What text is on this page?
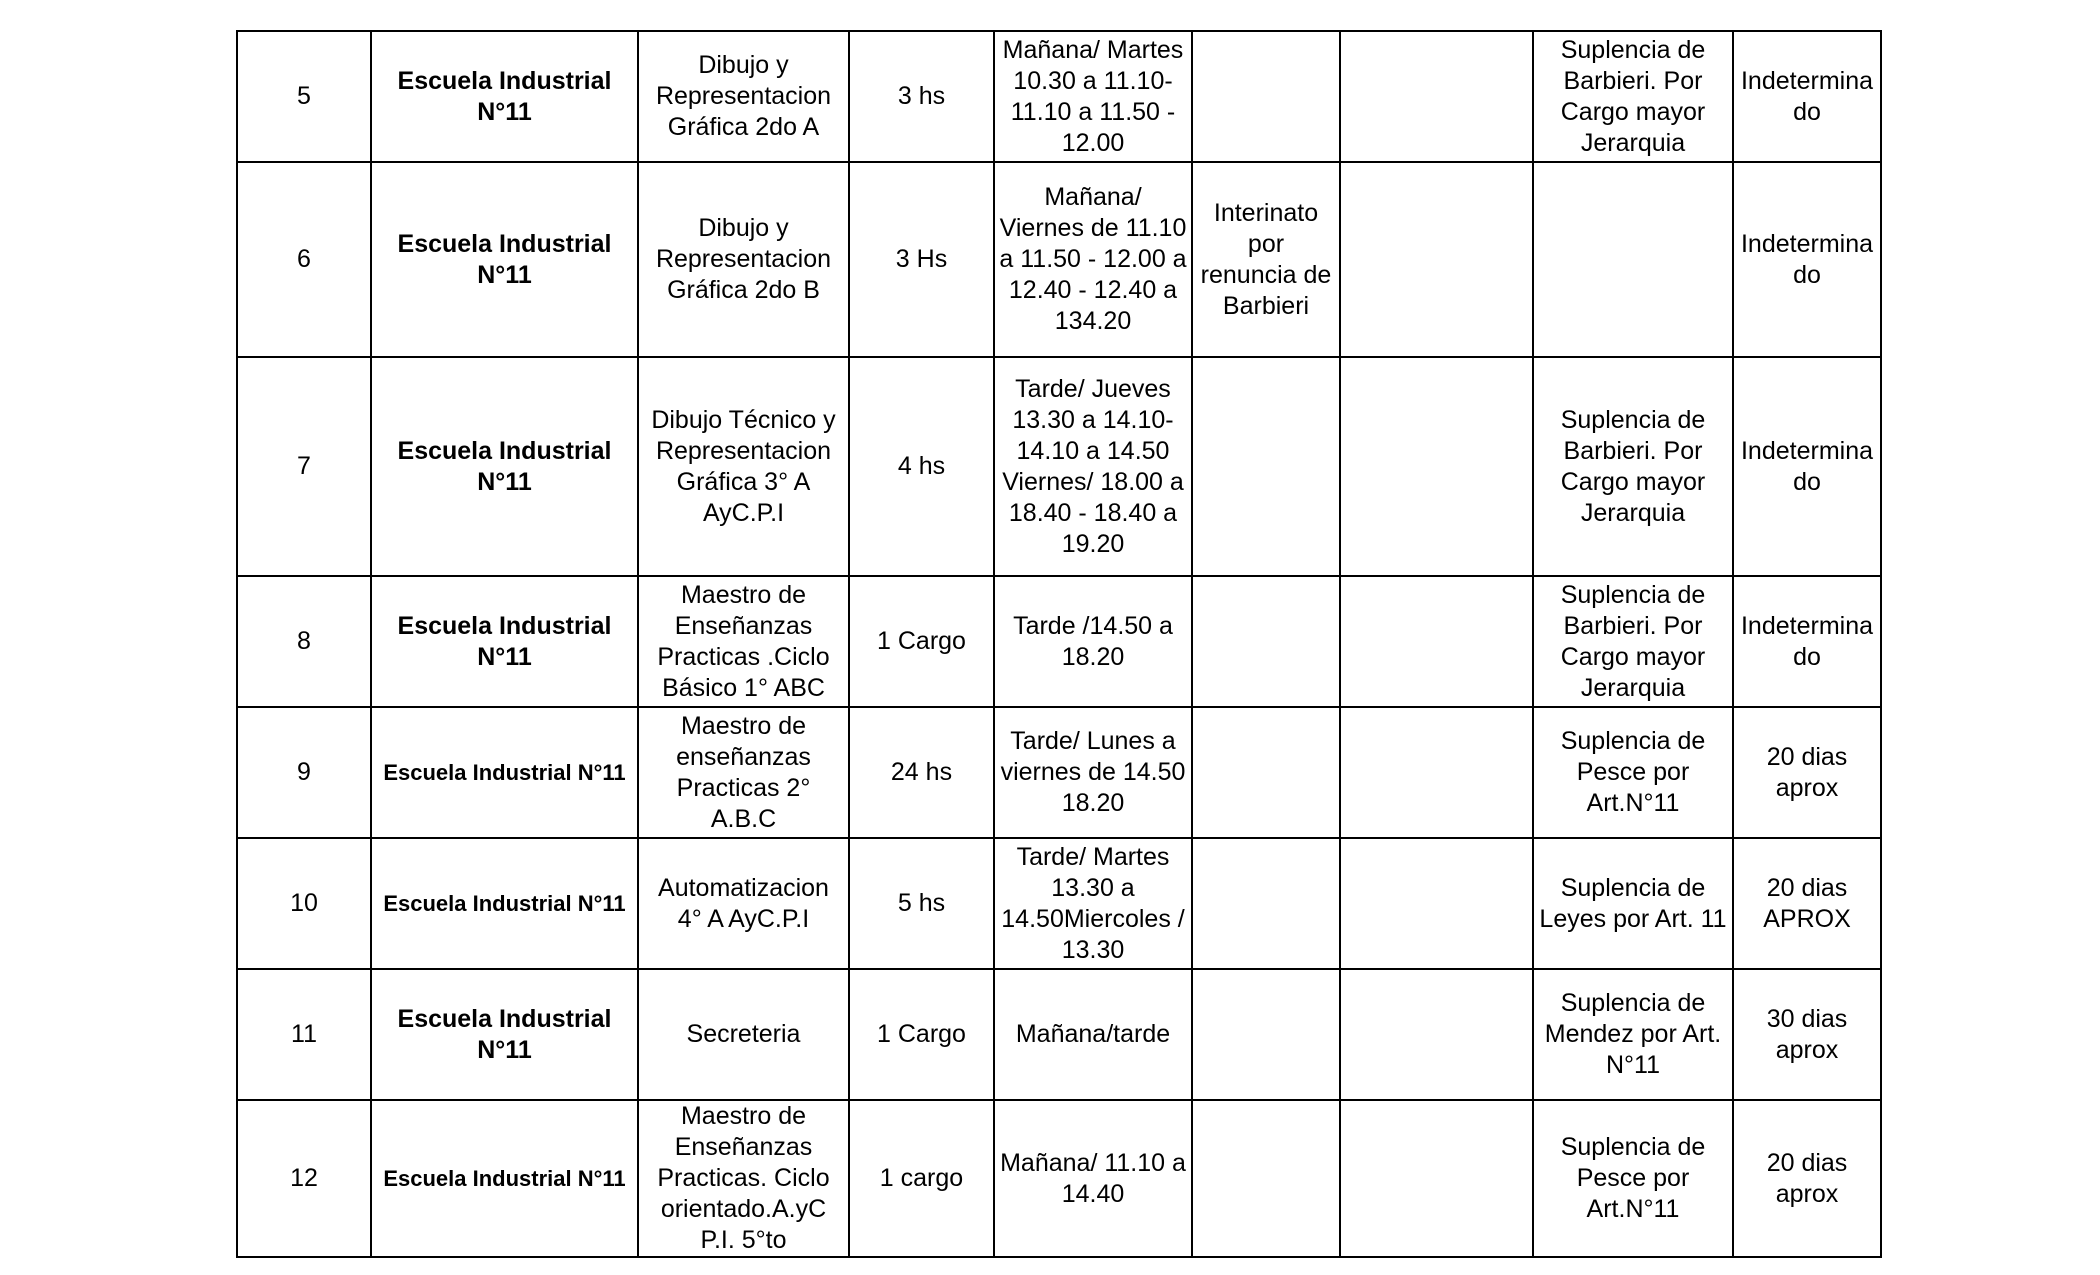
5	Escuela Industrial N°11	Dibujo y Representacion Gráfica 2do A	3 hs	Mañana/ Martes 10.30 a 11.10- 11.10 a 11.50 - 12.00			Suplencia de Barbieri. Por Cargo mayor Jerarquia	Indetermina do
6	Escuela Industrial N°11	Dibujo y Representacion Gráfica 2do B	3 Hs	Mañana/ Viernes de 11.10 a 11.50 - 12.00 a 12.40 - 12.40 a 134.20	Interinato por renuncia de Barbieri			Indetermina do
7	Escuela Industrial N°11	Dibujo Técnico y Representacion Gráfica 3° A AyC.P.I	4 hs	Tarde/ Jueves 13.30 a 14.10- 14.10 a 14.50 Viernes/ 18.00 a 18.40 - 18.40 a 19.20			Suplencia de Barbieri. Por Cargo mayor Jerarquia	Indetermina do
8	Escuela Industrial N°11	Maestro de Enseñanzas Practicas .Ciclo Básico 1° ABC	1 Cargo	Tarde /14.50 a 18.20			Suplencia de Barbieri. Por Cargo mayor Jerarquia	Indetermina do
9	Escuela Industrial N°11	Maestro de enseñanzas Practicas 2° A.B.C	24 hs	Tarde/ Lunes a viernes de 14.50 18.20			Suplencia de Pesce por Art.N°11	20 dias aprox
10	Escuela Industrial N°11	Automatizacion 4° A AyC.P.I	5 hs	Tarde/ Martes 13.30 a 14.50Miercoles / 13.30			Suplencia de Leyes por Art. 11	20 dias APROX
11	Escuela Industrial N°11	Secreteria	1 Cargo	Mañana/tarde			Suplencia de Mendez por Art. N°11	30 dias aprox
12	Escuela Industrial N°11	Maestro de Enseñanzas Practicas. Ciclo orientado.A.yC P.I. 5°to	1 cargo	Mañana/ 11.10 a 14.40			Suplencia de Pesce por Art.N°11	20 dias aprox
